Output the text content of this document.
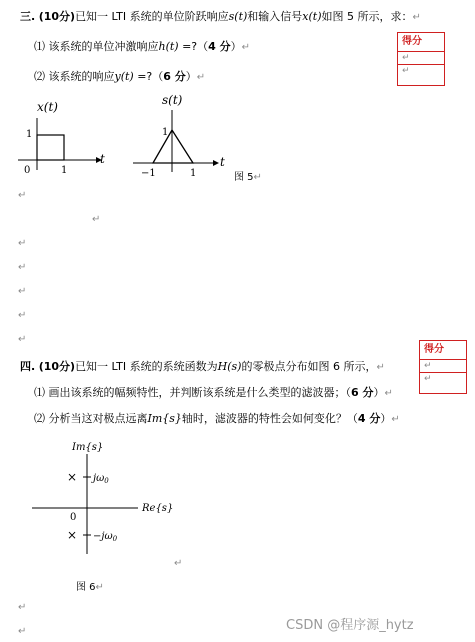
三. (10分)已知一 LTI 系统的单位阶跃响应s(t)和输入信号x(t)如图 5 所示，求：↵
⑴ 该系统的单位冲激响应h(t) =?（4 分）↵
⑵ 该系统的响应y(t) =?（6 分）↵
得分
↵
↵
x(t)
1
0	1
t
s(t)
1
−1	1
t
图 5↵
↵
↵
↵
↵
↵
↵
↵
四. (10分)已知一 LTI 系统的系统函数为H(s)的零极点分布如图 6 所示，↵
⑴ 画出该系统的幅频特性，并判断该系统是什么类型的滤波器；（6 分）↵
⑵ 分析当这对极点远离Im{s}轴时，滤波器的特性会如何变化？（4 分）↵
得分
↵
↵
Im{s}
Re{s}
0
× $j\omega_0$
× $-j\omega_0$
↵
图 6↵
↵
↵	CSDN @程序源_hytz
